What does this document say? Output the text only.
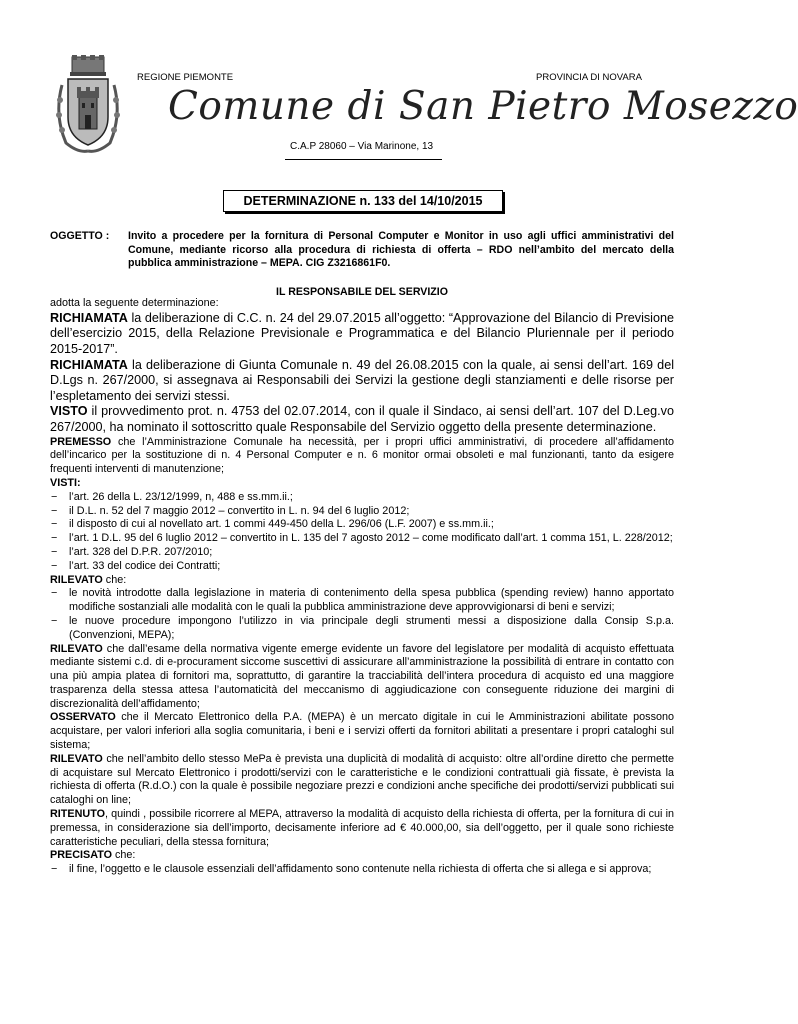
REGIONE PIEMONTE	PROVINCIA DI NOVARA
Comune di San Pietro Mosezzo
C.A.P 28060 – Via Marinone, 13
DETERMINAZIONE n. 133 del 14/10/2015
OGGETTO : Invito a procedere per la fornitura di Personal Computer e Monitor in uso agli uffici amministrativi del Comune, mediante ricorso alla procedura di richiesta di offerta – RDO nell’ambito del mercato della pubblica amministrazione – MEPA. CIG Z3216861F0.
IL RESPONSABILE DEL SERVIZIO

adotta la seguente determinazione:

RICHIAMATA la deliberazione di C.C. n. 24 del 29.07.2015 all’oggetto: “Approvazione del Bilancio di Previsione dell’esercizio 2015, della Relazione Previsionale e Programmatica e del Bilancio Pluriennale per il periodo 2015-2017”.

RICHIAMATA la deliberazione di Giunta Comunale n. 49 del 26.08.2015 con la quale, ai sensi dell’art. 169 del D.Lgs n. 267/2000, si assegnava ai Responsabili dei Servizi la gestione degli stanziamenti e delle risorse per l’espletamento dei servizi stessi.

VISTO il provvedimento prot. n. 4753 del 02.07.2014, con il quale il Sindaco, ai sensi dell’art. 107 del D.Leg.vo 267/2000, ha nominato il sottoscritto quale Responsabile del Servizio oggetto della presente determinazione.

PREMESSO che l’Amministrazione Comunale ha necessità, per i propri uffici amministrativi, di procedere all’affidamento dell’incarico per la sostituzione di n. 4 Personal Computer e n. 6 monitor ormai obsoleti e mal funzionanti, tanto da esigere frequenti interventi di manutenzione;

VISTI:

− l’art. 26 della L. 23/12/1999, n, 488 e ss.mm.ii.;
− il D.L. n. 52 del 7 maggio 2012 – convertito in L. n. 94 del 6 luglio 2012;
− il disposto di cui al novellato art. 1 commi 449-450 della L. 296/06 (L.F. 2007) e ss.mm.ii.;
− l’art. 1 D.L. 95 del 6 luglio 2012 – convertito in L. 135 del 7 agosto 2012 – come modificato dall’art. 1 comma 151, L. 228/2012;
− l’art. 328 del D.P.R. 207/2010;
− l’art. 33 del codice dei Contratti;

RILEVATO che:

− le novità introdotte dalla legislazione in materia di contenimento della spesa pubblica (spending review) hanno apportato modifiche sostanziali alle modalità con le quali la pubblica amministrazione deve approvvigionarsi di beni e servizi;
− le nuove procedure impongono l’utilizzo in via principale degli strumenti messi a disposizione dalla Consip S.p.a. (Convenzioni, MEPA);

RILEVATO che dall’esame della normativa vigente emerge evidente un favore del legislatore per modalità di acquisto effettuata mediante sistemi c.d. di e-procurament siccome suscettivi di assicurare all’amministrazione la possibilità di entrare in contatto con una più ampia platea di fornitori ma, soprattutto, di garantire la tracciabilità dell’intera procedura di acquisto ed una maggiore trasparenza della stessa attesa l’automaticità del meccanismo di aggiudicazione con conseguente riduzione dei margini di discrezionalità dell’affidamento;

OSSERVATO che il Mercato Elettronico della P.A. (MEPA) è un mercato digitale in cui le Amministrazioni abilitate possono acquistare, per valori inferiori alla soglia comunitaria, i beni e i servizi offerti da fornitori abilitati a presentare i propri cataloghi sul sistema;

RILEVATO che nell’ambito dello stesso MePa è prevista una duplicità di modalità di acquisto: oltre all’ordine diretto che permette di acquistare sul Mercato Elettronico i prodotti/servizi con le caratteristiche e le condizioni contrattuali già fissate, è prevista la richiesta di offerta (R.d.O.) con la quale è possibile negoziare prezzi e condizioni anche specifiche dei prodotti/servizi pubblicati sui cataloghi on line;

RITENUTO, quindi , possibile ricorrere al MEPA, attraverso la modalità di acquisto della richiesta di offerta, per la fornitura di cui in premessa, in considerazione sia dell’importo, decisamente inferiore ad € 40.000,00, sia dell’oggetto, per il quale sono richieste caratteristiche peculiari, della stessa fornitura;

PRECISATO che:

− il fine, l’oggetto e le clausole essenziali dell’affidamento sono contenute nella richiesta di offerta che si allega e si approva;
